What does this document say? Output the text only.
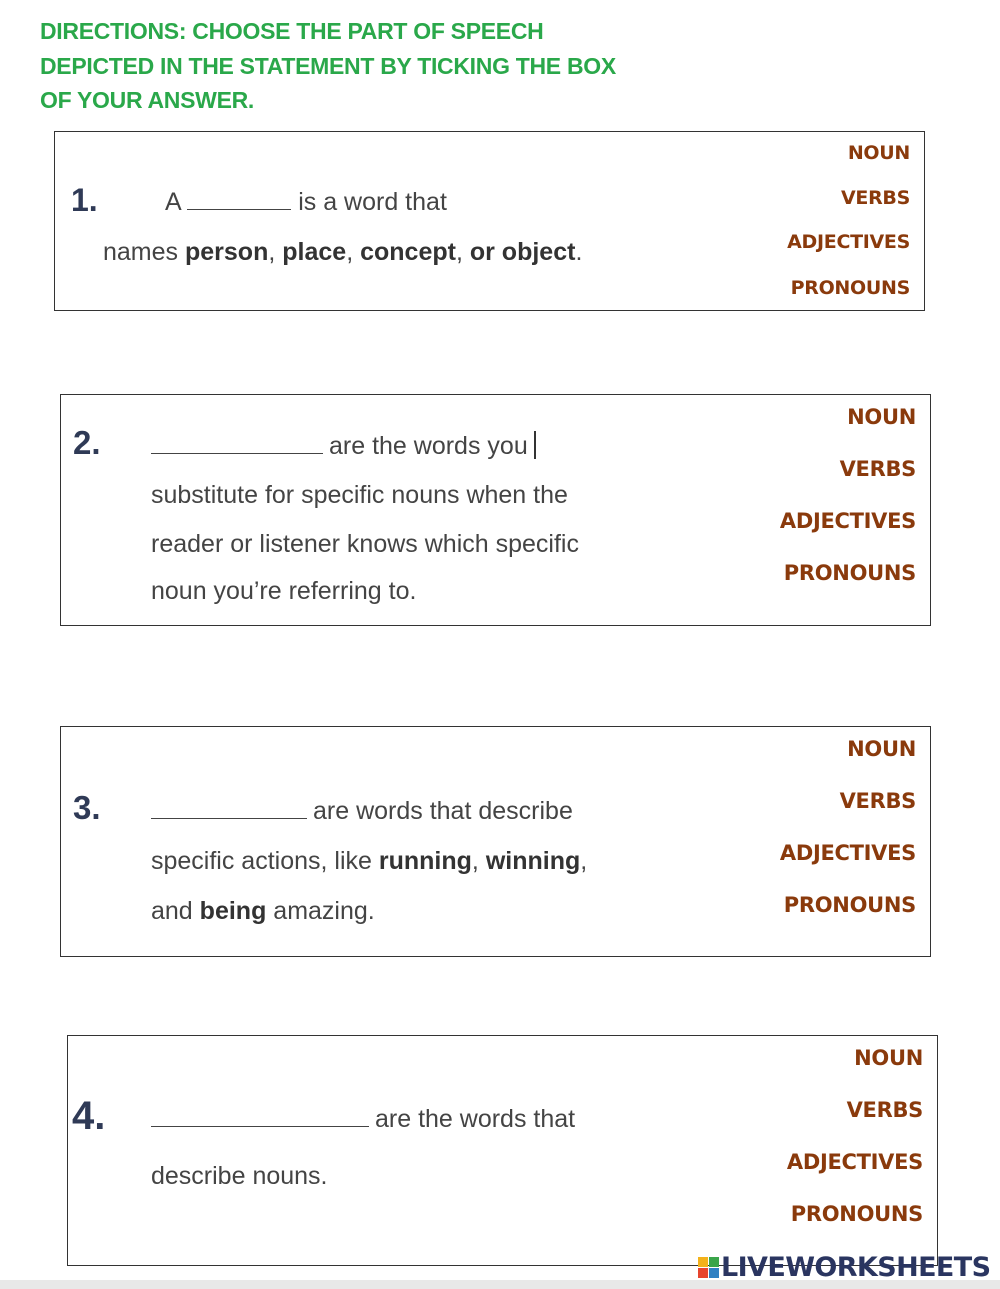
DIRECTIONS: CHOOSE THE PART OF SPEECH
DEPICTED IN THE STATEMENT BY TICKING THE BOX
OF YOUR ANSWER.
1.	A	is a word that
names person, place, concept, or object.
NOUN
VERBS
ADJECTIVES
PRONOUNS
2.	are the words you
substitute for specific nouns when the
reader or listener knows which specific
noun you’re referring to.
NOUN
VERBS
ADJECTIVES
PRONOUNS
3.	are words that describe
specific actions, like running, winning,
and being amazing.
NOUN
VERBS
ADJECTIVES
PRONOUNS
4.	are the words that
describe nouns.
NOUN
VERBS
ADJECTIVES
PRONOUNS
LIVEWORKSHEETS
